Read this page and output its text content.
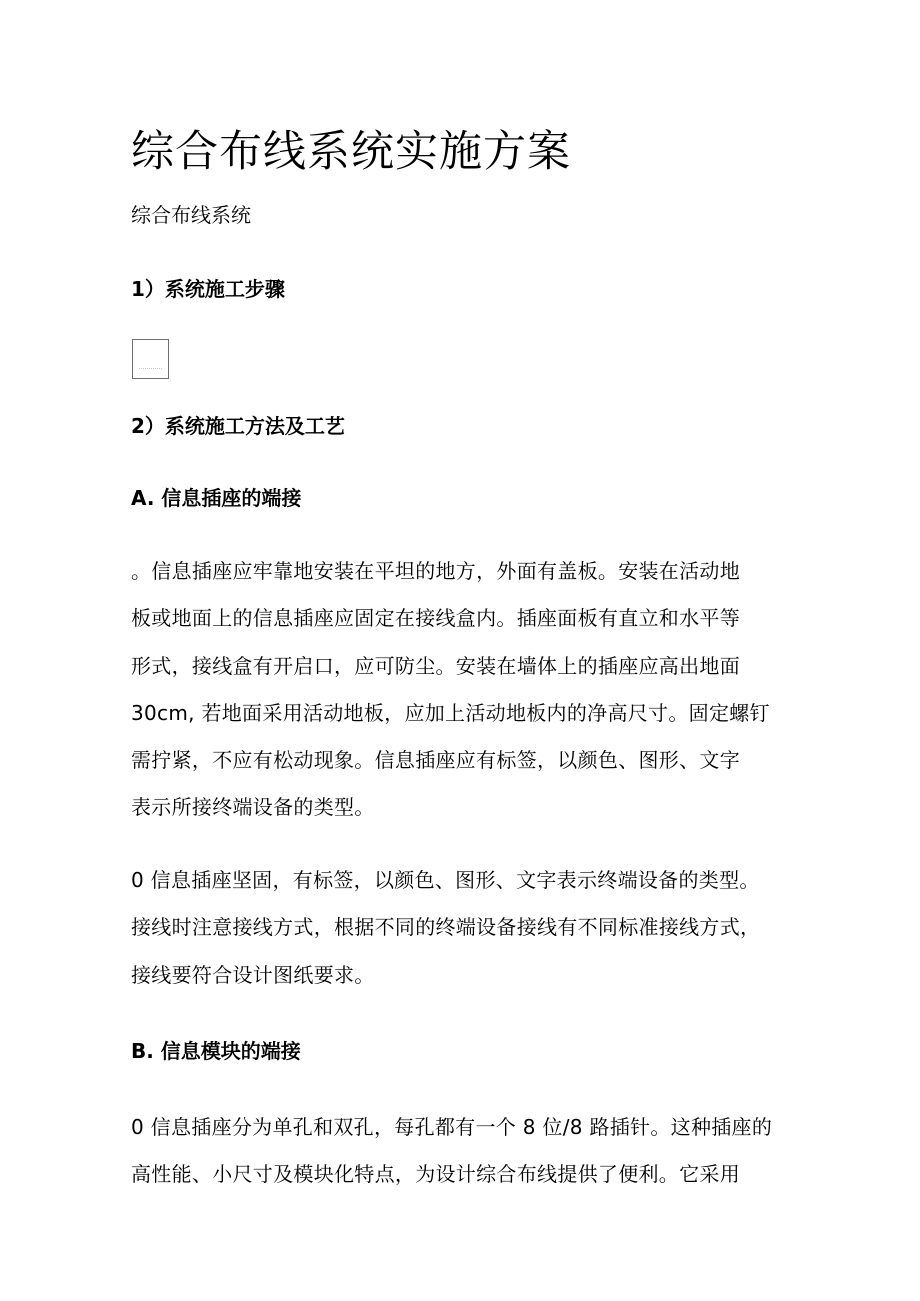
综合布线系统实施方案

综合布线系统

1）系统施工步骤

2）系统施工方法及工艺

A. 信息插座的端接

。信息插座应牢靠地安装在平坦的地方，外面有盖板。安装在活动地
板或地面上的信息插座应固定在接线盒内。插座面板有直立和水平等
形式，接线盒有开启口，应可防尘。安装在墙体上的插座应高出地面
30cm, 若地面采用活动地板，应加上活动地板内的净高尺寸。固定螺钉
需拧紧，不应有松动现象。信息插座应有标签，以颜色、图形、文字
表示所接终端设备的类型。
0 信息插座坚固，有标签，以颜色、图形、文字表示终端设备的类型。
接线时注意接线方式，根据不同的终端设备接线有不同标准接线方式，
接线要符合设计图纸要求。

B. 信息模块的端接

0 信息插座分为单孔和双孔，每孔都有一个 8 位/8 路插针。这种插座的
高性能、小尺寸及模块化特点，为设计综合布线提供了便利。它采用
